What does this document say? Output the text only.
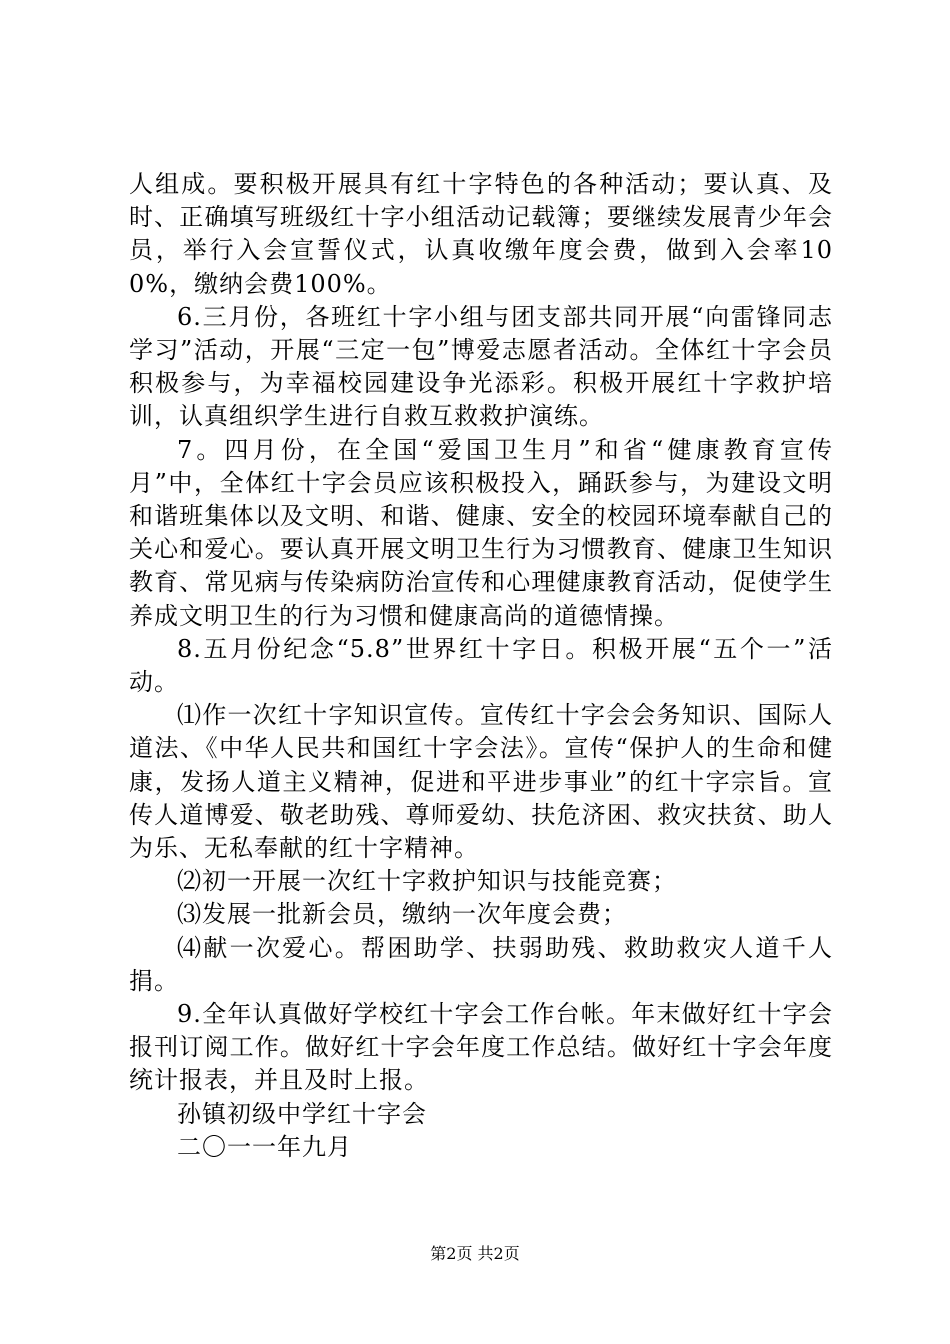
人组成。要积极开展具有红十字特色的各种活动；要认真、及时、正确填写班级红十字小组活动记载簿；要继续发展青少年会员，举行入会宣誓仪式，认真收缴年度会费，做到入会率100%，缴纳会费100%。

6.三月份，各班红十字小组与团支部共同开展“向雷锋同志学习”活动，开展“三定一包”博爱志愿者活动。全体红十字会员积极参与，为幸福校园建设争光添彩。积极开展红十字救护培训，认真组织学生进行自救互救救护演练。

7。四月份，在全国“爱国卫生月”和省“健康教育宣传月”中，全体红十字会员应该积极投入，踊跃参与，为建设文明和谐班集体以及文明、和谐、健康、安全的校园环境奉献自己的关心和爱心。要认真开展文明卫生行为习惯教育、健康卫生知识教育、常见病与传染病防治宣传和心理健康教育活动，促使学生养成文明卫生的行为习惯和健康高尚的道德情操。

8.五月份纪念“5.8”世界红十字日。积极开展“五个一”活动。

⑴作一次红十字知识宣传。宣传红十字会会务知识、国际人道法、《中华人民共和国红十字会法》。宣传“保护人的生命和健康，发扬人道主义精神，促进和平进步事业”的红十字宗旨。宣传人道博爱、敬老助残、尊师爱幼、扶危济困、救灾扶贫、助人为乐、无私奉献的红十字精神。

⑵初一开展一次红十字救护知识与技能竞赛；

⑶发展一批新会员，缴纳一次年度会费；

⑷献一次爱心。帮困助学、扶弱助残、救助救灾人道千人捐。

9.全年认真做好学校红十字会工作台帐。年末做好红十字会报刊订阅工作。做好红十字会年度工作总结。做好红十字会年度统计报表，并且及时上报。

孙镇初级中学红十字会

二〇一一年九月

第2页 共2页
